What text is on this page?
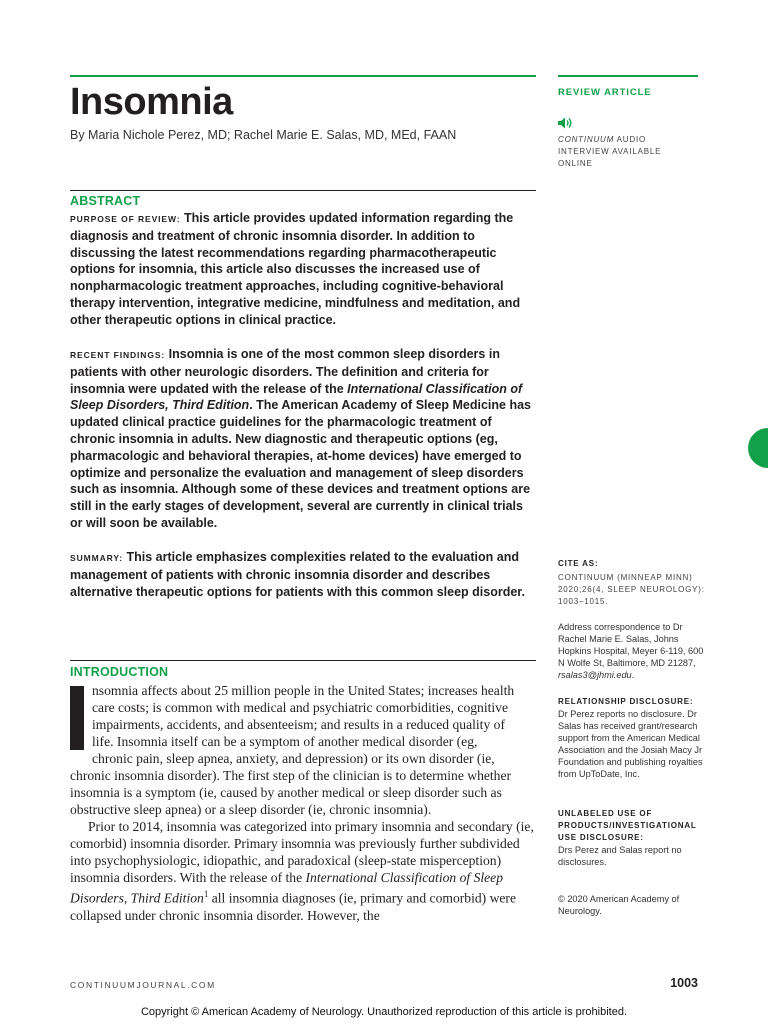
Insomnia
By Maria Nichole Perez, MD; Rachel Marie E. Salas, MD, MEd, FAAN
REVIEW ARTICLE
CONTINUUM AUDIO
INTERVIEW AVAILABLE
ONLINE
ABSTRACT
PURPOSE OF REVIEW: This article provides updated information regarding the diagnosis and treatment of chronic insomnia disorder. In addition to discussing the latest recommendations regarding pharmacotherapeutic options for insomnia, this article also discusses the increased use of nonpharmacologic treatment approaches, including cognitive-behavioral therapy intervention, integrative medicine, mindfulness and meditation, and other therapeutic options in clinical practice.
RECENT FINDINGS: Insomnia is one of the most common sleep disorders in patients with other neurologic disorders. The definition and criteria for insomnia were updated with the release of the International Classification of Sleep Disorders, Third Edition. The American Academy of Sleep Medicine has updated clinical practice guidelines for the pharmacologic treatment of chronic insomnia in adults. New diagnostic and therapeutic options (eg, pharmacologic and behavioral therapies, at-home devices) have emerged to optimize and personalize the evaluation and management of sleep disorders such as insomnia. Although some of these devices and treatment options are still in the early stages of development, several are currently in clinical trials or will soon be available.
SUMMARY: This article emphasizes complexities related to the evaluation and management of patients with chronic insomnia disorder and describes alternative therapeutic options for patients with this common sleep disorder.
INTRODUCTION
nsomnia affects about 25 million people in the United States; increases health
care costs; is common with medical and psychiatric comorbidities, cognitive
impairments, accidents, and absenteeism; and results in a reduced quality of
life. Insomnia itself can be a symptom of another medical disorder (eg,
chronic pain, sleep apnea, anxiety, and depression) or its own disorder (ie,
chronic insomnia disorder). The first step of the clinician is to determine whether insomnia is a symptom (ie, caused by another medical or sleep disorder such as obstructive sleep apnea) or a sleep disorder (ie, chronic insomnia).
Prior to 2014, insomnia was categorized into primary insomnia and secondary (ie, comorbid) insomnia disorder. Primary insomnia was previously further subdivided into psychophysiologic, idiopathic, and paradoxical (sleep-state misperception) insomnia disorders. With the release of the International Classification of Sleep Disorders, Third Edition$^1$ all insomnia diagnoses (ie, primary and comorbid) were collapsed under chronic insomnia disorder. However, the
CITE AS:
CONTINUUM (MINNEAP MINN) 2020;26(4, SLEEP NEUROLOGY): 1003–1015.
Address correspondence to Dr Rachel Marie E. Salas, Johns Hopkins Hospital, Meyer 6-119, 600 N Wolfe St, Baltimore, MD 21287, rsalas3@jhmi.edu.
RELATIONSHIP DISCLOSURE:
Dr Perez reports no disclosure. Dr Salas has received grant/research support from the American Medical Association and the Josiah Macy Jr Foundation and publishing royalties from UpToDate, Inc.
UNLABELED USE OF PRODUCTS/INVESTIGATIONAL USE DISCLOSURE:
Drs Perez and Salas report no disclosures.
© 2020 American Academy of Neurology.
CONTINUUMJOURNAL.COM	1003
Copyright © American Academy of Neurology. Unauthorized reproduction of this article is prohibited.
